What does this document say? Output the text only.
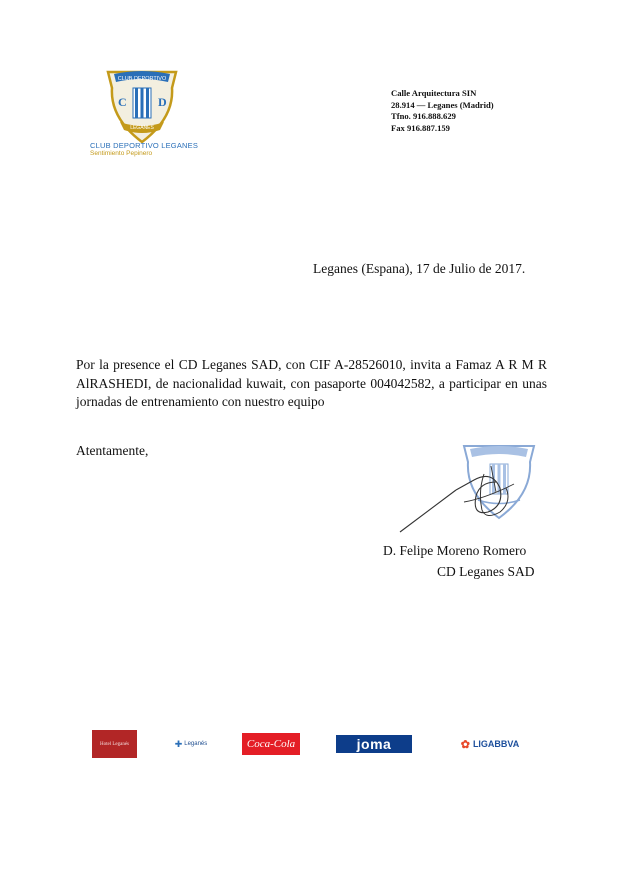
CLUB DEPORTIVO
C	D
LEGANES
CLUB DEPORTIVO LEGANES
Sentimiento Pepinero
Calle Arquitectura SIN
28.914 — Leganes (Madrid)
Tfno. 916.888.629
Fax 916.887.159
Leganes (Espana), 17 de Julio de 2017.
Por la presence el CD Leganes SAD, con CIF A-28526010, invita a Famaz A R M R AlRASHEDI, de nacionalidad kuwait, con pasaporte 004042582, a participar en unas jornadas de entrenamiento con nuestro equipo
Atentamente,
D. Felipe Moreno Romero
CD Leganes SAD
Hotel Leganés	✚ Leganés	Coca-Cola	joma	✿ LIGABBVA
